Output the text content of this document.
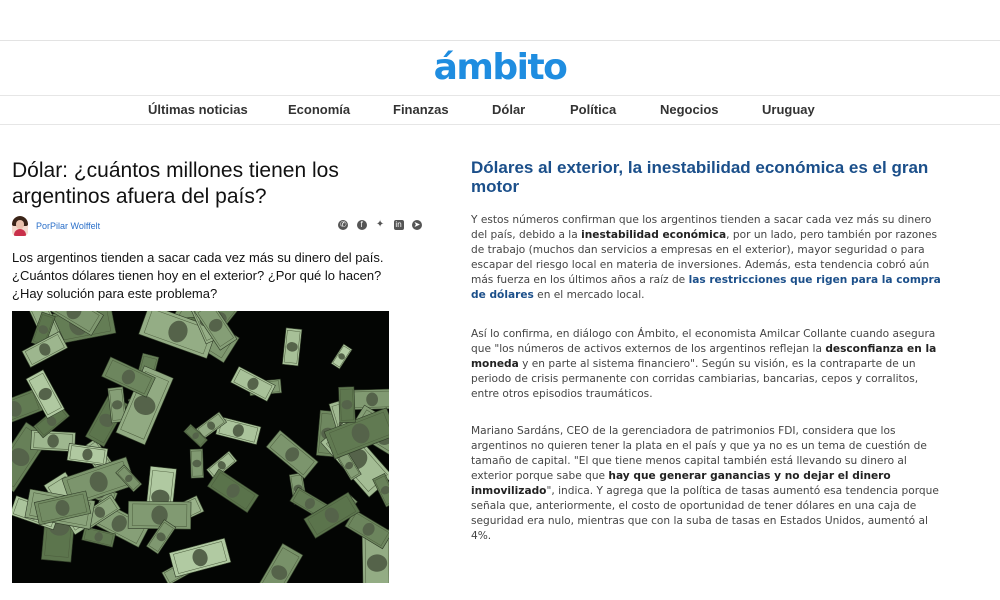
ámbito
Últimas noticias	Economía	Finanzas	Dólar	Política	Negocios	Uruguay
Dólar: ¿cuántos millones tienen los argentinos afuera del país?
Por Pilar Wolffelt	✆ f ✦ in ➤

Los argentinos tienden a sacar cada vez más su dinero del país. ¿Cuántos dólares tienen hoy en el exterior? ¿Por qué lo hacen? ¿Hay solución para este problema?

Dólares al exterior, la inestabilidad económica es el gran motor

Y estos números confirman que los argentinos tienden a sacar cada vez más su dinero del país, debido a la inestabilidad económica, por un lado, pero también por razones de trabajo (muchos dan servicios a empresas en el exterior), mayor seguridad o para escapar del riesgo local en materia de inversiones. Además, esta tendencia cobró aún más fuerza en los últimos años a raíz de las restricciones que rigen para la compra de dólares en el mercado local.

Así lo confirma, en diálogo con Ámbito, el economista Amilcar Collante cuando asegura que "los números de activos externos de los argentinos reflejan la desconfianza en la moneda y en parte al sistema financiero". Según su visión, es la contraparte de un periodo de crisis permanente con corridas cambiarias, bancarias, cepos y corralitos, entre otros episodios traumáticos.

Mariano Sardáns, CEO de la gerenciadora de patrimonios FDI, considera que los argentinos no quieren tener la plata en el país y que ya no es un tema de cuestión de tamaño de capital. "El que tiene menos capital también está llevando su dinero al exterior porque sabe que hay que generar ganancias y no dejar el dinero inmovilizado", indica. Y agrega que la política de tasas aumentó esa tendencia porque señala que, anteriormente, el costo de oportunidad de tener dólares en una caja de seguridad era nulo, mientras que con la suba de tasas en Estados Unidos, aumentó al 4%.
